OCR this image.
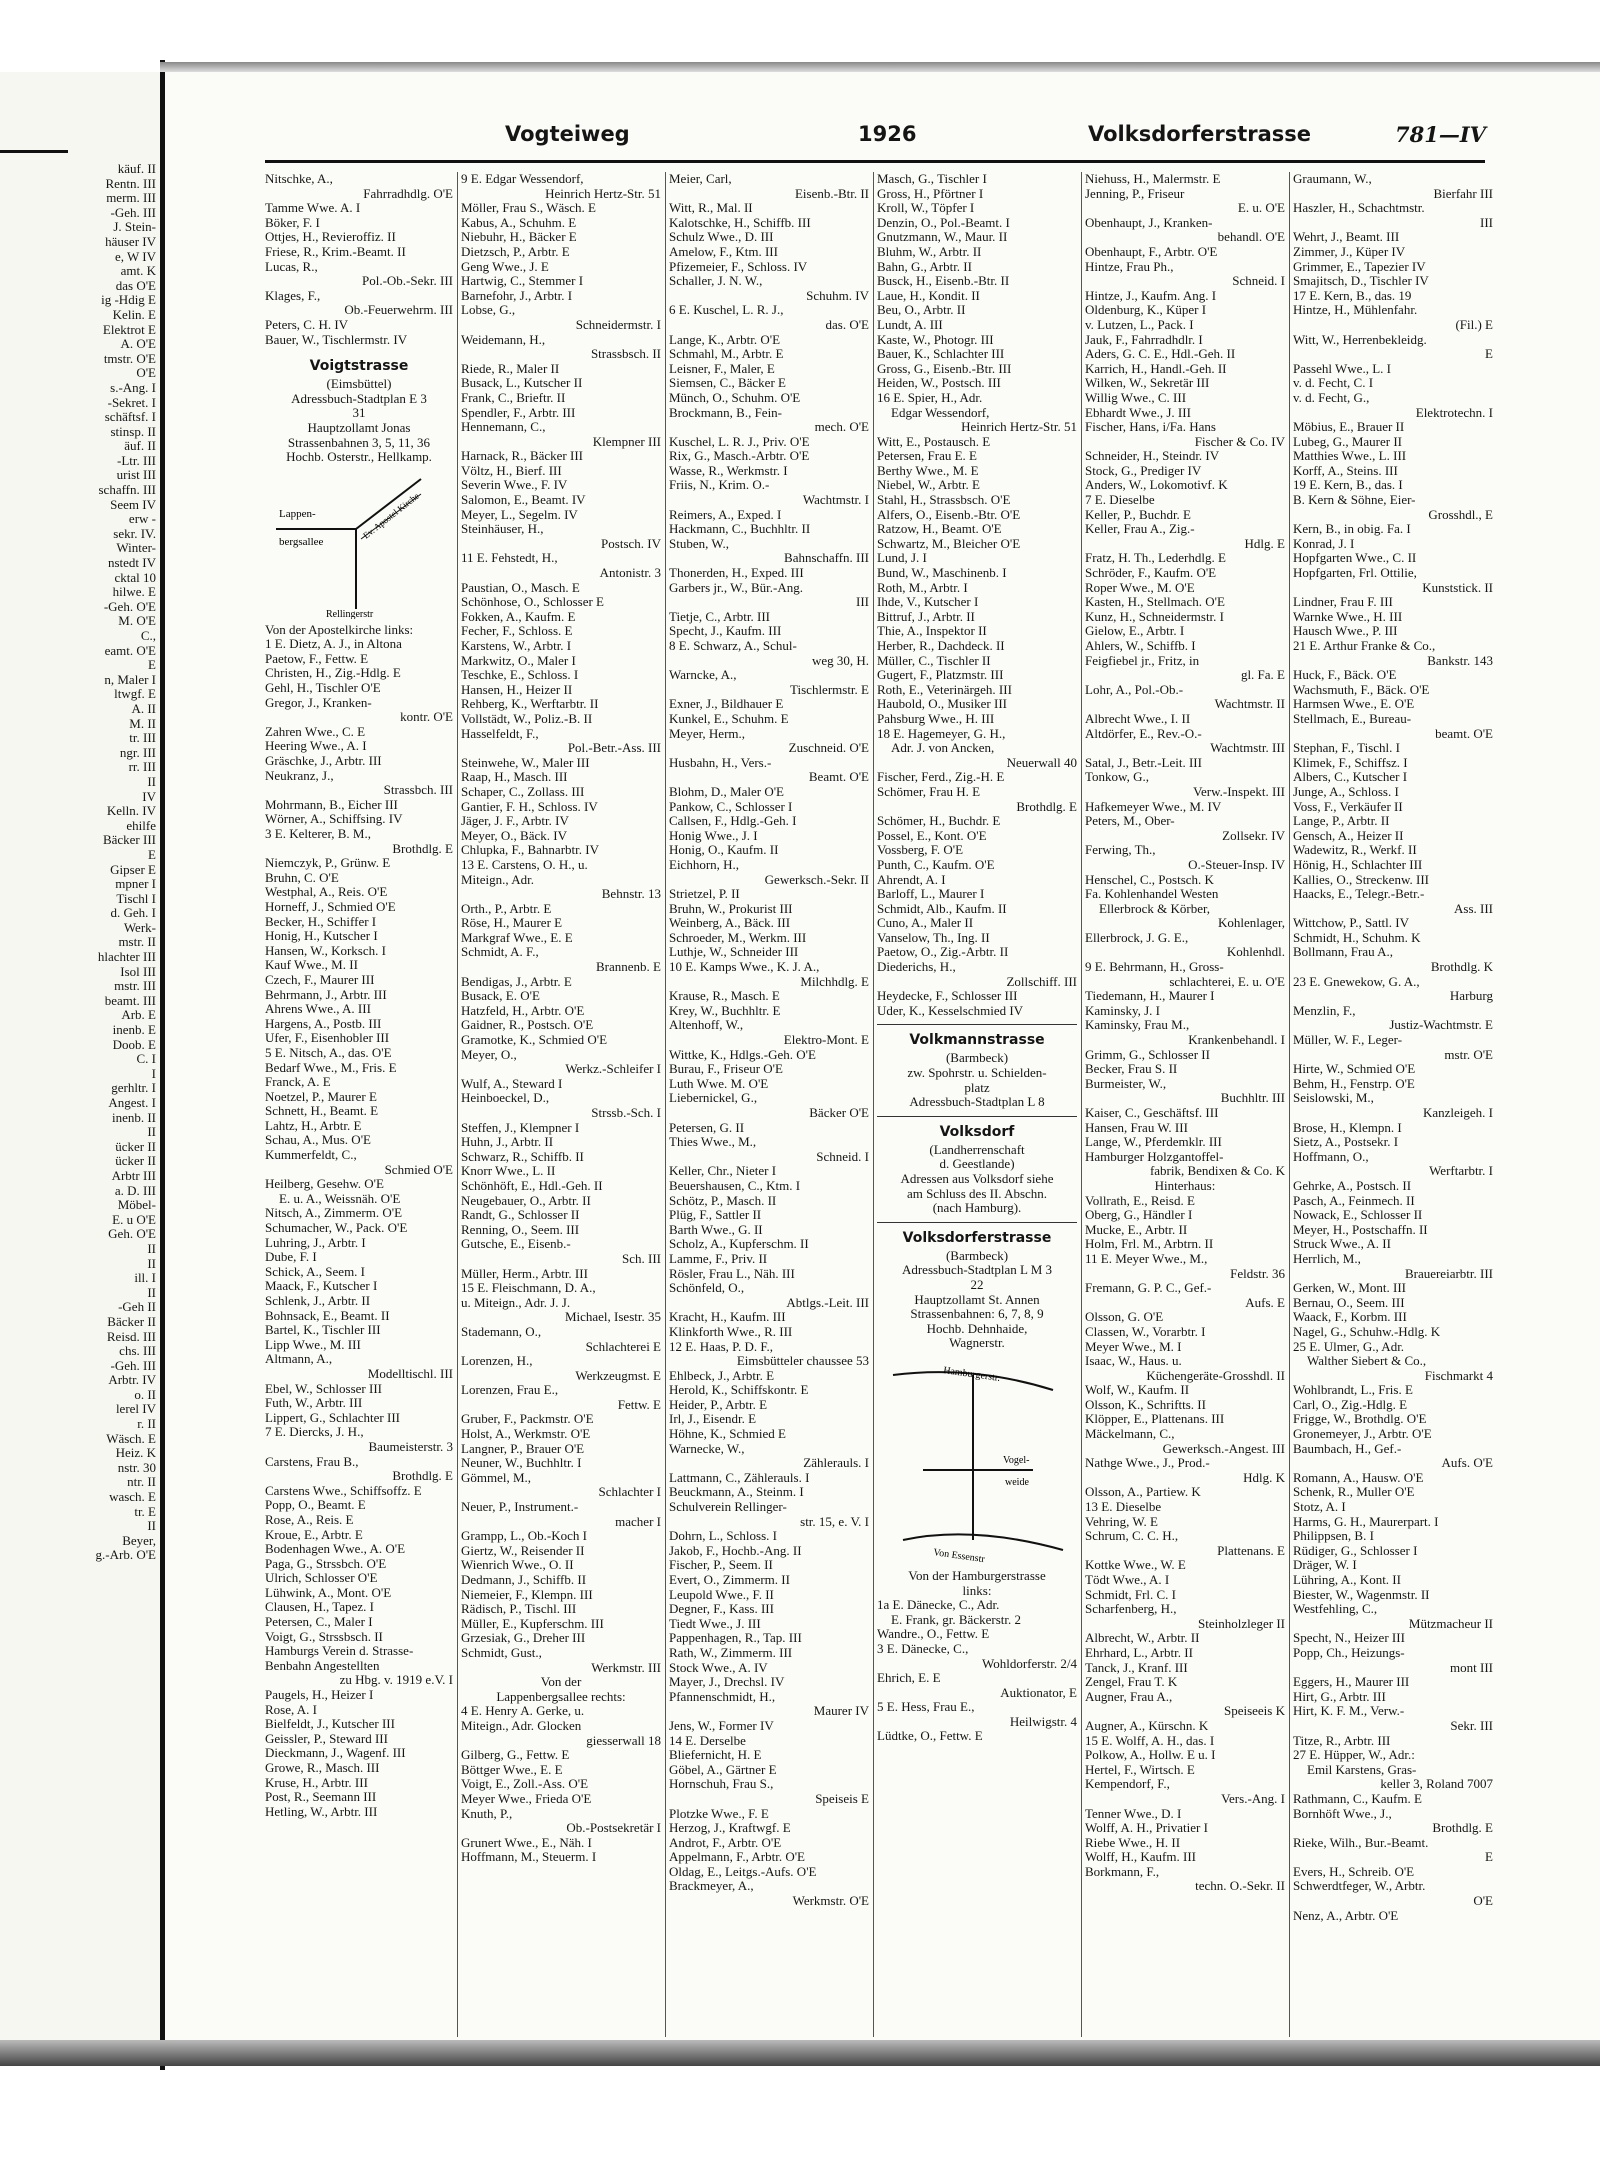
käuf. II
Rentn. III
merm. III
-Geh. III
J. Stein-
häuser IV
e, W IV
amt. K
das O'E
ig -Hdig E
Kelin. E
Elektrot E
A. O'E
tmstr. O'E
O'E
s.-Ang. I
-Sekret. I
schäftsf. I
stinsp. II
äuf. II
-Ltr. III
urist III
schaffn. III
Seem IV
erw -
sekr. IV.
Winter-
nstedt IV
cktal 10
hilwe. E
-Geh. O'E
M. O'E
C.,
eamt. O'E
E
n, Maler I
ltwgf. E
A. II
M. II
tr. III
ngr. III
rr. III
II
IV
Kelln. IV
ehilfe
Bäcker III
E
Gipser E
mpner I
Tischl I
d. Geh. I
Werk-
mstr. II
hlachter III
Isol III
mstr. III
beamt. III
Arb. E
inenb. E
Doob. E
C. I
I
gerhltr. I
Angest. I
inenb. II
II
ücker II
ücker II
Arbtr III
a. D. III
Möbel-
E. u O'E
Geh. O'E
II
II
ill. I
II
-Geh II
Bäcker II
Reisd. III
chs. III
-Geh. III
Arbtr. IV
o. II
lerel IV
r. II
Wäsch. E
Heiz. K
nstr. 30
ntr. II
wasch. E
tr. E
II
Beyer,
g.-Arb. O'E
Vogteiweg	1926	Volksdorferstrasse	781—IV
Nitschke, A.,
Fahrradhdlg. O'E
Tamme Wwe. A. I
Böker, F. I
Ottjes, H., Revieroffiz. II
Friese, R., Krim.-Beamt. II
Lucas, R.,
Pol.-Ob.-Sekr. III
Klages, F.,
Ob.-Feuerwehrm. III
Peters, C. H. IV
Bauer, W., Tischlermstr. IV
Voigtstrasse
(Eimsbüttel)
Adressbuch-Stadtplan E 3
31
Hauptzollamt Jonas
Strassenbahnen 3, 5, 11, 36
Hochb. Osterstr., Hellkamp.
Lappen-
bergsallee
Ev. Apostel Kirche
Rellingerstr
Von der Apostelkirche links:
1 E. Dietz, A. J., in Altona
Paetow, F., Fettw. E
Christen, H., Zig.-Hdlg. E
Gehl, H., Tischler O'E
Gregor, J., Kranken-
kontr. O'E
Zahren Wwe., C. E
Heering Wwe., A. I
Gräschke, J., Arbtr. III
Neukranz, J.,
Strassbch. III
Mohrmann, B., Eicher III
Wörner, A., Schiffsing. IV
3 E. Kelterer, B. M.,
Brothdlg. E
Niemczyk, P., Grünw. E
Bruhn, C. O'E
Westphal, A., Reis. O'E
Horneff, J., Schmied O'E
Becker, H., Schiffer I
Honig, H., Kutscher I
Hansen, W., Korksch. I
Kauf Wwe., M. II
Czech, F., Maurer III
Behrmann, J., Arbtr. III
Ahrens Wwe., A. III
Hargens, A., Postb. III
Ufer, F., Eisenhobler III
5 E. Nitsch, A., das. O'E
Bedarf Wwe., M., Fris. E
Franck, A. E
Noetzel, P., Maurer E
Schnett, H., Beamt. E
Lahtz, H., Arbtr. E
Schau, A., Mus. O'E
Kummerfeldt, C.,
Schmied O'E
Heilberg, Gesehw. O'E
E. u. A., Weissnäh. O'E
Nitsch, A., Zimmerm. O'E
Schumacher, W., Pack. O'E
Luhring, J., Arbtr. I
Dube, F. I
Schick, A., Seem. I
Maack, F., Kutscher I
Schlenk, J., Arbtr. II
Bohnsack, E., Beamt. II
Bartel, K., Tischler III
Lipp Wwe., M. III
Altmann, A.,
Modelltischl. III
Ebel, W., Schlosser III
Futh, W., Arbtr. III
Lippert, G., Schlachter III
7 E. Diercks, J. H.,
Baumeisterstr. 3
Carstens, Frau B.,
Brothdlg. E
Carstens Wwe., Schiffsoffz. E
Popp, O., Beamt. E
Rose, A., Reis. E
Kroue, E., Arbtr. E
Bodenhagen Wwe., A. O'E
Paga, G., Strssbch. O'E
Ulrich, Schlosser O'E
Lühwink, A., Mont. O'E
Clausen, H., Tapez. I
Petersen, C., Maler I
Voigt, G., Strssbsch. II
Hamburgs Verein d. Strasse-
Benbahn Angestellten
zu Hbg. v. 1919 e.V. I
Paugels, H., Heizer I
Rose, A. I
Bielfeldt, J., Kutscher III
Geissler, P., Steward III
Dieckmann, J., Wagenf. III
Growe, R., Masch. III
Kruse, H., Arbtr. III
Post, R., Seemann III
Hetling, W., Arbtr. III
9 E. Edgar Wessendorf,
Heinrich Hertz-Str. 51
Möller, Frau S., Wäsch. E
Kabus, A., Schuhm. E
Niebuhr, H., Bäcker E
Dietzsch, P., Arbtr. E
Geng Wwe., J. E
Hartwig, C., Stemmer I
Barnefohr, J., Arbtr. I
Lobse, G.,
Schneidermstr. I
Weidemann, H.,
Strassbsch. II
Riede, R., Maler II
Busack, L., Kutscher II
Frank, C., Brieftr. II
Spendler, F., Arbtr. III
Hennemann, C.,
Klempner III
Harnack, R., Bäcker III
Völtz, H., Bierf. III
Severin Wwe., F. IV
Salomon, E., Beamt. IV
Meyer, L., Segelm. IV
Steinhäuser, H.,
Postsch. IV
11 E. Fehstedt, H.,
Antonistr. 3
Paustian, O., Masch. E
Schönhose, O., Schlosser E
Fokken, A., Kaufm. E
Fecher, F., Schloss. E
Karstens, W., Arbtr. I
Markwitz, O., Maler I
Teschke, E., Schloss. I
Hansen, H., Heizer II
Rehberg, K., Werftarbtr. II
Vollstädt, W., Poliz.-B. II
Hasselfeldt, F.,
Pol.-Betr.-Ass. III
Steinwehe, W., Maler III
Raap, H., Masch. III
Schaper, C., Zollass. III
Gantier, F. H., Schloss. IV
Jäger, J. F., Arbtr. IV
Meyer, O., Bäck. IV
Chlupka, F., Bahnarbtr. IV
13 E. Carstens, O. H., u.
Miteign., Adr.
Behnstr. 13
Orth., P., Arbtr. E
Röse, H., Maurer E
Markgraf Wwe., E. E
Schmidt, A. F.,
Brannenb. E
Bendigas, J., Arbtr. E
Busack, E. O'E
Hatzfeld, H., Arbtr. O'E
Gaidner, R., Postsch. O'E
Gramotke, K., Schmied O'E
Meyer, O.,
Werkz.-Schleifer I
Wulf, A., Steward I
Heinboeckel, D.,
Strssb.-Sch. I
Steffen, J., Klempner I
Huhn, J., Arbtr. II
Schwarz, R., Schiffb. II
Knorr Wwe., L. II
Schönhöft, E., Hdl.-Geh. II
Neugebauer, O., Arbtr. II
Randt, G., Schlosser II
Renning, O., Seem. III
Gutsche, E., Eisenb.-
Sch. III
Müller, Herm., Arbtr. III
15 E. Fleischmann, D. A.,
u. Miteign., Adr. J. J.
Michael, Isestr. 35
Stademann, O.,
Schlachterei E
Lorenzen, H.,
Werkzeugmst. E
Lorenzen, Frau E.,
Fettw. E
Gruber, F., Packmstr. O'E
Holst, A., Werkmstr. O'E
Langner, P., Brauer O'E
Neuner, W., Buchhltr. I
Gömmel, M.,
Schlachter I
Neuer, P., Instrument.-
macher I
Grampp, L., Ob.-Koch I
Giertz, W., Reisender II
Wienrich Wwe., O. II
Dedmann, J., Schiffb. II
Niemeier, F., Klempn. III
Rädisch, P., Tischl. III
Müller, E., Kupferschm. III
Grzesiak, G., Dreher III
Schmidt, Gust.,
Werkmstr. III
Von der
Lappenbergsallee rechts:
4 E. Henry A. Gerke, u.
Miteign., Adr. Glocken
giesserwall 18
Gilberg, G., Fettw. E
Böttger Wwe., E. E
Voigt, E., Zoll.-Ass. O'E
Meyer Wwe., Frieda O'E
Knuth, P.,
Ob.-Postsekretär I
Grunert Wwe., E., Näh. I
Hoffmann, M., Steuerm. I
Meier, Carl,
Eisenb.-Btr. II
Witt, R., Mal. II
Kalotschke, H., Schiffb. III
Schulz Wwe., D. III
Amelow, F., Ktm. III
Pfizemeier, F., Schloss. IV
Schaller, J. N. W.,
Schuhm. IV
6 E. Kuschel, L. R. J.,
das. O'E
Lange, K., Arbtr. O'E
Schmahl, M., Arbtr. E
Leisner, F., Maler, E
Siemsen, C., Bäcker E
Münch, O., Schuhm. O'E
Brockmann, B., Fein-
mech. O'E
Kuschel, L. R. J., Priv. O'E
Rix, G., Masch.-Arbtr. O'E
Wasse, R., Werkmstr. I
Friis, N., Krim. O.-
Wachtmstr. I
Reimers, A., Exped. I
Hackmann, C., Buchhltr. II
Stuben, W.,
Bahnschaffn. III
Thonerden, H., Exped. III
Garbers jr., W., Bür.-Ang.
III
Tietje, C., Arbtr. III
Specht, J., Kaufm. III
8 E. Schwarz, A., Schul-
weg 30, H.
Warncke, A.,
Tischlermstr. E
Exner, J., Bildhauer E
Kunkel, E., Schuhm. E
Meyer, Herm.,
Zuschneid. O'E
Husbahn, H., Vers.-
Beamt. O'E
Blohm, D., Maler O'E
Pankow, C., Schlosser I
Callsen, F., Hdlg.-Geh. I
Honig Wwe., J. I
Honig, O., Kaufm. II
Eichhorn, H.,
Gewerksch.-Sekr. II
Strietzel, P. II
Bruhn, W., Prokurist III
Weinberg, A., Bäck. III
Schroeder, M., Werkm. III
Luthje, W., Schneider III
10 E. Kamps Wwe., K. J. A.,
Milchhdlg. E
Krause, R., Masch. E
Krey, W., Buchhltr. E
Altenhoff, W.,
Elektro-Mont. E
Wittke, K., Hdlgs.-Geh. O'E
Burau, F., Friseur O'E
Luth Wwe. M. O'E
Liebernickel, G.,
Bäcker O'E
Petersen, G. II
Thies Wwe., M.,
Schneid. I
Keller, Chr., Nieter I
Beuershausen, C., Ktm. I
Schötz, P., Masch. II
Plüg, F., Sattler II
Barth Wwe., G. II
Scholz, A., Kupferschm. II
Lamme, F., Priv. II
Rösler, Frau L., Näh. III
Schönfeld, O.,
Abtlgs.-Leit. III
Kracht, H., Kaufm. III
Klinkforth Wwe., R. III
12 E. Haas, P. D. F.,
Eimsbütteler chaussee 53
Ehlbeck, J., Arbtr. E
Herold, K., Schiffskontr. E
Heider, P., Arbtr. E
Irl, J., Eisendr. E
Höhne, K., Schmied E
Warnecke, W.,
Zählerauls. I
Lattmann, C., Zählerauls. I
Beuckmann, A., Steinm. I
Schulverein Rellinger-
str. 15, e. V. I
Dohrn, L., Schloss. I
Jakob, F., Hochb.-Ang. II
Fischer, P., Seem. II
Evert, O., Zimmerm. II
Leupold Wwe., F. II
Degner, F., Kass. III
Tiedt Wwe., J. III
Pappenhagen, R., Tap. III
Rath, W., Zimmerm. III
Stock Wwe., A. IV
Mayer, J., Drechsl. IV
Pfannenschmidt, H.,
Maurer IV
Jens, W., Former IV
14 E. Derselbe
Bliefernicht, H. E
Göbel, A., Gärtner E
Hornschuh, Frau S.,
Speiseis E
Plotzke Wwe., F. E
Herzog, J., Kraftwgf. E
Androt, F., Arbtr. O'E
Appelmann, F., Arbtr. O'E
Oldag, E., Leitgs.-Aufs. O'E
Brackmeyer, A.,
Werkmstr. O'E
Masch, G., Tischler I
Gross, H., Pförtner I
Kroll, W., Töpfer I
Denzin, O., Pol.-Beamt. I
Gnutzmann, W., Maur. II
Bluhm, W., Arbtr. II
Bahn, G., Arbtr. II
Busck, H., Eisenb.-Btr. II
Laue, H., Kondit. II
Beu, O., Arbtr. II
Lundt, A. III
Kaste, W., Photogr. III
Bauer, K., Schlachter III
Gross, G., Eisenb.-Btr. III
Heiden, W., Postsch. III
16 E. Spier, H., Adr.
Edgar Wessendorf,
Heinrich Hertz-Str. 51
Witt, E., Postausch. E
Petersen, Frau E. E
Berthy Wwe., M. E
Niebel, W., Arbtr. E
Stahl, H., Strassbsch. O'E
Alfers, O., Eisenb.-Btr. O'E
Ratzow, H., Beamt. O'E
Schwartz, M., Bleicher O'E
Lund, J. I
Bund, W., Maschinenb. I
Roth, M., Arbtr. I
Ihde, V., Kutscher I
Bittruf, J., Arbtr. II
Thie, A., Inspektor II
Herber, R., Dachdeck. II
Müller, C., Tischler II
Gugert, F., Platzmstr. III
Roth, E., Veterinärgeh. III
Haubold, O., Musiker III
Pahsburg Wwe., H. III
18 E. Hagemeyer, G. H.,
Adr. J. von Ancken,
Neuerwall 40
Fischer, Ferd., Zig.-H. E
Schömer, Frau H. E
Brothdlg. E
Schömer, H., Buchdr. E
Possel, E., Kont. O'E
Vossberg, F. O'E
Punth, C., Kaufm. O'E
Ahrendt, A. I
Barloff, L., Maurer I
Schmidt, Alb., Kaufm. II
Cuno, A., Maler II
Vanselow, Th., Ing. II
Paetow, O., Zig.-Arbtr. II
Diederichs, H.,
Zollschiff. III
Heydecke, F., Schlosser III
Uder, K., Kesselschmied IV
Volkmannstrasse
(Barmbeck)
zw. Spohrstr. u. Schielden-
platz
Adressbuch-Stadtplan L 8
Volksdorf
(Landherrenschaft
d. Geestlande)
Adressen aus Volksdorf siehe
am Schluss des II. Abschn.
(nach Hamburg).
Volksdorferstrasse
(Barmbeck)
Adressbuch-Stadtplan L M 3
22
Hauptzollamt St. Annen
Strassenbahnen: 6, 7, 8, 9
Hochb. Dehnhaide,
Wagnerstr.
Hamburgerstr.
Vogel-
weide
Von Essenstr
Von der Hamburgerstrasse
links:
1a E. Dänecke, C., Adr.
E. Frank, gr. Bäckerstr. 2
Wandre., O., Fettw. E
3 E. Dänecke, C.,
Wohldorferstr. 2/4
Ehrich, E. E
Auktionator, E
5 E. Hess, Frau E.,
Heilwigstr. 4
Lüdtke, O., Fettw. E
Niehuss, H., Malermstr. E
Jenning, P., Friseur
E. u. O'E
Obenhaupt, J., Kranken-
behandl. O'E
Obenhaupt, F., Arbtr. O'E
Hintze, Frau Ph.,
Schneid. I
Hintze, J., Kaufm. Ang. I
Oldenburg, K., Küper I
v. Lutzen, L., Pack. I
Jauk, F., Fahrradhdlr. I
Aders, G. C. E., Hdl.-Geh. II
Karrich, H., Handl.-Geh. II
Wilken, W., Sekretär III
Willig Wwe., C. III
Ebhardt Wwe., J. III
Fischer, Hans, i/Fa. Hans
Fischer & Co. IV
Schneider, H., Steindr. IV
Stock, G., Prediger IV
Anders, W., Lokomotivf. K
7 E. Dieselbe
Keller, P., Buchdr. E
Keller, Frau A., Zig.-
Hdlg. E
Fratz, H. Th., Lederhdlg. E
Schröder, F., Kaufm. O'E
Roper Wwe., M. O'E
Kasten, H., Stellmach. O'E
Kunz, H., Schneidermstr. I
Gielow, E., Arbtr. I
Ahlers, W., Schiffb. I
Feigfiebel jr., Fritz, in
gl. Fa. E
Lohr, A., Pol.-Ob.-
Wachtmstr. II
Albrecht Wwe., I. II
Altdörfer, E., Rev.-O.-
Wachtmstr. III
Satal, J., Betr.-Leit. III
Tonkow, G.,
Verw.-Inspekt. III
Hafkemeyer Wwe., M. IV
Peters, M., Ober-
Zollsekr. IV
Ferwing, Th.,
O.-Steuer-Insp. IV
Henschel, C., Postsch. K
Fa. Kohlenhandel Westen
Ellerbrock & Körber,
Kohlenlager,
Ellerbrock, J. G. E.,
Kohlenhdl.
9 E. Behrmann, H., Gross-
schlachterei, E. u. O'E
Tiedemann, H., Maurer I
Kaminsky, J. I
Kaminsky, Frau M.,
Krankenbehandl. I
Grimm, G., Schlosser II
Becker, Frau S. II
Burmeister, W.,
Buchhltr. III
Kaiser, C., Geschäftsf. III
Hansen, Frau W. III
Lange, W., Pferdemklr. III
Hamburger Holzgantoffel-
fabrik, Bendixen & Co. K
Hinterhaus:
Vollrath, E., Reisd. E
Oberg, G., Händler I
Mucke, E., Arbtr. II
Holm, Frl. M., Arbtrn. II
11 E. Meyer Wwe., M.,
Feldstr. 36
Fremann, G. P. C., Gef.-
Aufs. E
Olsson, G. O'E
Classen, W., Vorarbtr. I
Meyer Wwe., M. I
Isaac, W., Haus. u.
Küchengeräte-Grosshdl. II
Wolf, W., Kaufm. II
Olsson, K., Schriftts. II
Klöpper, E., Plattenans. III
Mäckelmann, C.,
Gewerksch.-Angest. III
Nathge Wwe., J., Prod.-
Hdlg. K
Olsson, A., Partiew. K
13 E. Dieselbe
Vehring, W. E
Schrum, C. C. H.,
Plattenans. E
Kottke Wwe., W. E
Tödt Wwe., A. I
Schmidt, Frl. C. I
Scharfenberg, H.,
Steinholzleger II
Albrecht, W., Arbtr. II
Ehrhard, L., Arbtr. II
Tanck, J., Kranf. III
Zengel, Frau T. K
Augner, Frau A.,
Speiseeis K
Augner, A., Kürschn. K
15 E. Wolff, A. H., das. I
Polkow, A., Hollw. E u. I
Hertel, F., Wirtsch. E
Kempendorf, F.,
Vers.-Ang. I
Tenner Wwe., D. I
Wolff, A. H., Privatier I
Riebe Wwe., H. II
Wolff, H., Kaufm. III
Borkmann, F.,
techn. O.-Sekr. II
Graumann, W.,
Bierfahr III
Haszler, H., Schachtmstr.
III
Wehrt, J., Beamt. III
Zimmer, J., Küper IV
Grimmer, E., Tapezier IV
Smajitsch, D., Tischler IV
17 E. Kern, B., das. 19
Hintze, H., Mühlenfahr.
(Fil.) E
Witt, W., Herrenbekleidg.
E
Passehl Wwe., L. I
v. d. Fecht, C. I
v. d. Fecht, G.,
Elektrotechn. I
Möbius, E., Brauer II
Lubeg, G., Maurer II
Matthies Wwe., L. III
Korff, A., Steins. III
19 E. Kern, B., das. I
B. Kern & Söhne, Eier-
Grosshdl., E
Kern, B., in obig. Fa. I
Konrad, J. I
Hopfgarten Wwe., C. II
Hopfgarten, Frl. Ottilie,
Kunststick. II
Lindner, Frau F. III
Warnke Wwe., H. III
Hausch Wwe., P. III
21 E. Arthur Franke & Co.,
Bankstr. 143
Huck, F., Bäck. O'E
Wachsmuth, F., Bäck. O'E
Harmsen Wwe., E. O'E
Stellmach, E., Bureau-
beamt. O'E
Stephan, F., Tischl. I
Klimek, F., Schiffsz. I
Albers, C., Kutscher I
Junge, A., Schloss. I
Voss, F., Verkäufer II
Lange, P., Arbtr. II
Gensch, A., Heizer II
Wadewitz, R., Werkf. II
Hönig, H., Schlachter III
Kallies, O., Streckenw. III
Haacks, E., Telegr.-Betr.-
Ass. III
Wittchow, P., Sattl. IV
Schmidt, H., Schuhm. K
Bollmann, Frau A.,
Brothdlg. K
23 E. Gnewekow, G. A.,
Harburg
Menzlin, F.,
Justiz-Wachtmstr. E
Müller, W. F., Leger-
mstr. O'E
Hirte, W., Schmied O'E
Behm, H., Fenstrp. O'E
Seislowski, M.,
Kanzleigeh. I
Brose, H., Klempn. I
Sietz, A., Postsekr. I
Hoffmann, O.,
Werftarbtr. I
Gehrke, A., Postsch. II
Pasch, A., Feinmech. II
Nowack, E., Schlosser II
Meyer, H., Postschaffn. II
Struck Wwe., A. II
Herrlich, M.,
Brauereiarbtr. III
Gerken, W., Mont. III
Bernau, O., Seem. III
Waack, F., Korbm. III
Nagel, G., Schuhw.-Hdlg. K
25 E. Ulmer, G., Adr.
Walther Siebert & Co.,
Fischmarkt 4
Wohlbrandt, L., Fris. E
Carl, O., Zig.-Hdlg. E
Frigge, W., Brothdlg. O'E
Gronemeyer, J., Arbtr. O'E
Baumbach, H., Gef.-
Aufs. O'E
Romann, A., Hausw. O'E
Schenk, R., Muller O'E
Stotz, A. I
Harms, G. H., Maurerpart. I
Philippsen, B. I
Rüdiger, G., Schlosser I
Dräger, W. I
Lühring, A., Kont. II
Biester, W., Wagenmstr. II
Westfehling, C.,
Mützmacheur II
Specht, N., Heizer III
Popp, Ch., Heizungs-
mont III
Eggers, H., Maurer III
Hirt, G., Arbtr. III
Hirt, K. F. M., Verw.-
Sekr. III
Titze, R., Arbtr. III
27 E. Hüpper, W., Adr.:
Emil Karstens, Gras-
keller 3, Roland 7007
Rathmann, C., Kaufm. E
Bornhöft Wwe., J.,
Brothdlg. E
Rieke, Wilh., Bur.-Beamt.
E
Evers, H., Schreib. O'E
Schwerdtfeger, W., Arbtr.
O'E
Nenz, A., Arbtr. O'E
